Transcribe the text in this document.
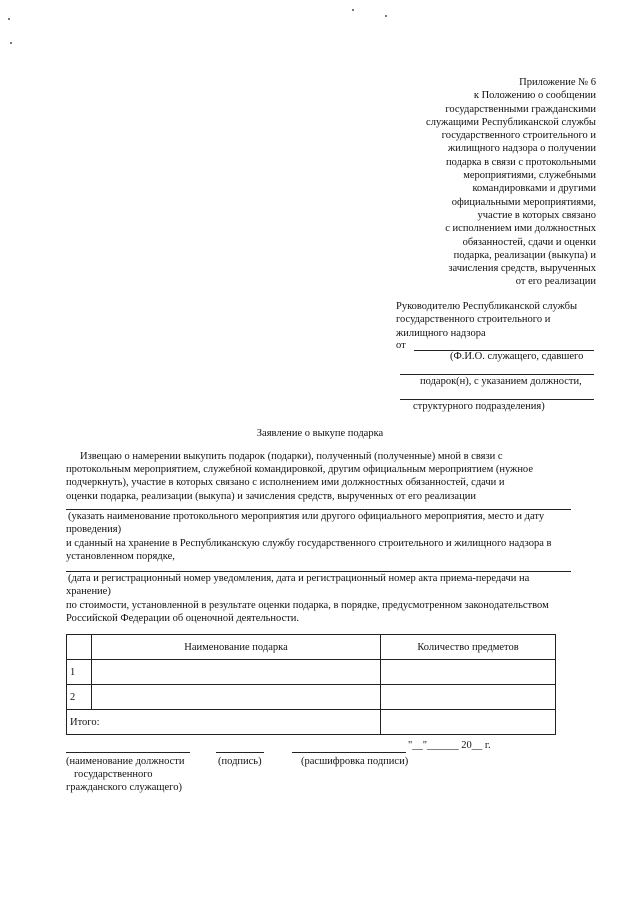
Приложение № 6
к Положению о сообщении
государственными гражданскими
служащими Республиканской службы
государственного строительного и
жилищного надзора о получении
подарка в связи с протокольными
мероприятиями, служебными
командировками и другими
официальными мероприятиями,
участие в которых связано
с исполнением ими должностных
обязанностей, сдачи и оценки
подарка, реализации (выкупа) и
зачисления средств, вырученных
от его реализации
Руководителю Республиканской службы
государственного строительного и
жилищного надзора
от
(Ф.И.О. служащего, сдавшего
подарок(н), с указанием должности,
структурного подразделения)
Заявление о выкупе подарка
Извещаю о намерении выкупить подарок (подарки), полученный (полученные) мной в связи с
протокольным мероприятием, служебной командировкой, другим официальным мероприятием (нужное
подчеркнуть), участие в которых связано с исполнением ими должностных обязанностей, сдачи и
оценки подарка, реализации (выкупа) и зачисления средств, вырученных от его реализации
(указать наименование протокольного мероприятия или другого официального мероприятия, место и дату
проведения)
и сданный на хранение в Республиканскую службу государственного строительного и жилищного надзора в
установленном порядке,
(дата и регистрационный номер уведомления, дата и регистрационный номер акта приема-передачи на
хранение)
по стоимости, установленной в результате оценки подарка, в порядке, предусмотренном законодательством
Российской Федерации об оценочной деятельности.
	Наименование подарка	Количество предметов
1		
2		
Итого:		
"__"______ 20__ г.
(наименование должности
государственного
гражданского служащего)
(подпись)	(расшифровка подписи)
